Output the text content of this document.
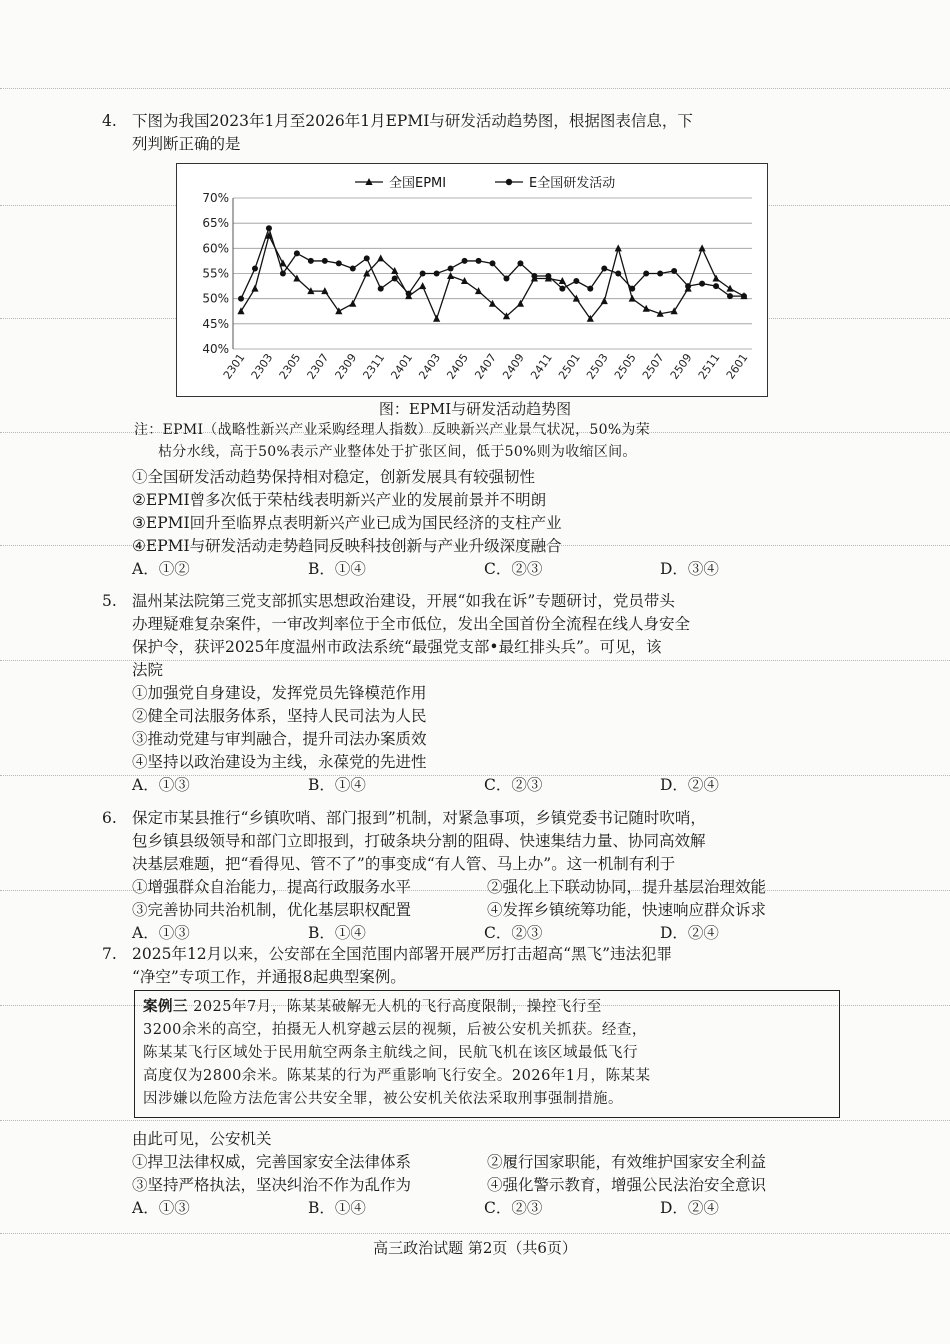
4. 下图为我国2023年1月至2026年1月EPMI与研发活动趋势图，根据图表信息，下
列判断正确的是
40%
45%
50%
55%
60%
65%
70%
2301 2303 2305 2307 2309 2311 2401 2403 2405 2407 2409 2411 2501 2503 2505 2507 2509 2511 2601
全国EPMI	E全国研发活动
图：EPMI与研发活动趋势图
注：EPMI（战略性新兴产业采购经理人指数）反映新兴产业景气状况，50%为荣
枯分水线，高于50%表示产业整体处于扩张区间，低于50%则为收缩区间。
①全国研发活动趋势保持相对稳定，创新发展具有较强韧性
②EPMI曾多次低于荣枯线表明新兴产业的发展前景并不明朗
③EPMI回升至临界点表明新兴产业已成为国民经济的支柱产业
④EPMI与研发活动走势趋同反映科技创新与产业升级深度融合
A．①②	B．①④	C．②③	D．③④
5. 温州某法院第三党支部抓实思想政治建设，开展“如我在诉”专题研讨，党员带头
办理疑难复杂案件，一审改判率位于全市低位，发出全国首份全流程在线人身安全
保护令，获评2025年度温州市政法系统“最强党支部•最红排头兵”。可见，该
法院
①加强党自身建设，发挥党员先锋模范作用
②健全司法服务体系，坚持人民司法为人民
③推动党建与审判融合，提升司法办案质效
④坚持以政治建设为主线，永葆党的先进性
A．①③	B．①④	C．②③	D．②④
6. 保定市某县推行“乡镇吹哨、部门报到”机制，对紧急事项，乡镇党委书记随时吹哨，
包乡镇县级领导和部门立即报到，打破条块分割的阻碍、快速集结力量、协同高效解
决基层难题，把“看得见、管不了”的事变成“有人管、马上办”。这一机制有利于
①增强群众自治能力，提高行政服务水平	②强化上下联动协同，提升基层治理效能
③完善协同共治机制，优化基层职权配置	④发挥乡镇统筹功能，快速响应群众诉求
A．①③	B．①④	C．②③	D．②④
7. 2025年12月以来，公安部在全国范围内部署开展严厉打击超高“黑飞”违法犯罪
“净空”专项工作，并通报8起典型案例。
案例三 2025年7月，陈某某破解无人机的飞行高度限制，操控飞行至
3200余米的高空，拍摄无人机穿越云层的视频，后被公安机关抓获。经查，
陈某某飞行区域处于民用航空两条主航线之间，民航飞机在该区域最低飞行
高度仅为2800余米。陈某某的行为严重影响飞行安全。2026年1月，陈某某
因涉嫌以危险方法危害公共安全罪，被公安机关依法采取刑事强制措施。
由此可见，公安机关
①捍卫法律权威，完善国家安全法律体系	②履行国家职能，有效维护国家安全利益
③坚持严格执法，坚决纠治不作为乱作为	④强化警示教育，增强公民法治安全意识
A．①③	B．①④	C．②③	D．②④
高三政治试题 第2页（共6页）
